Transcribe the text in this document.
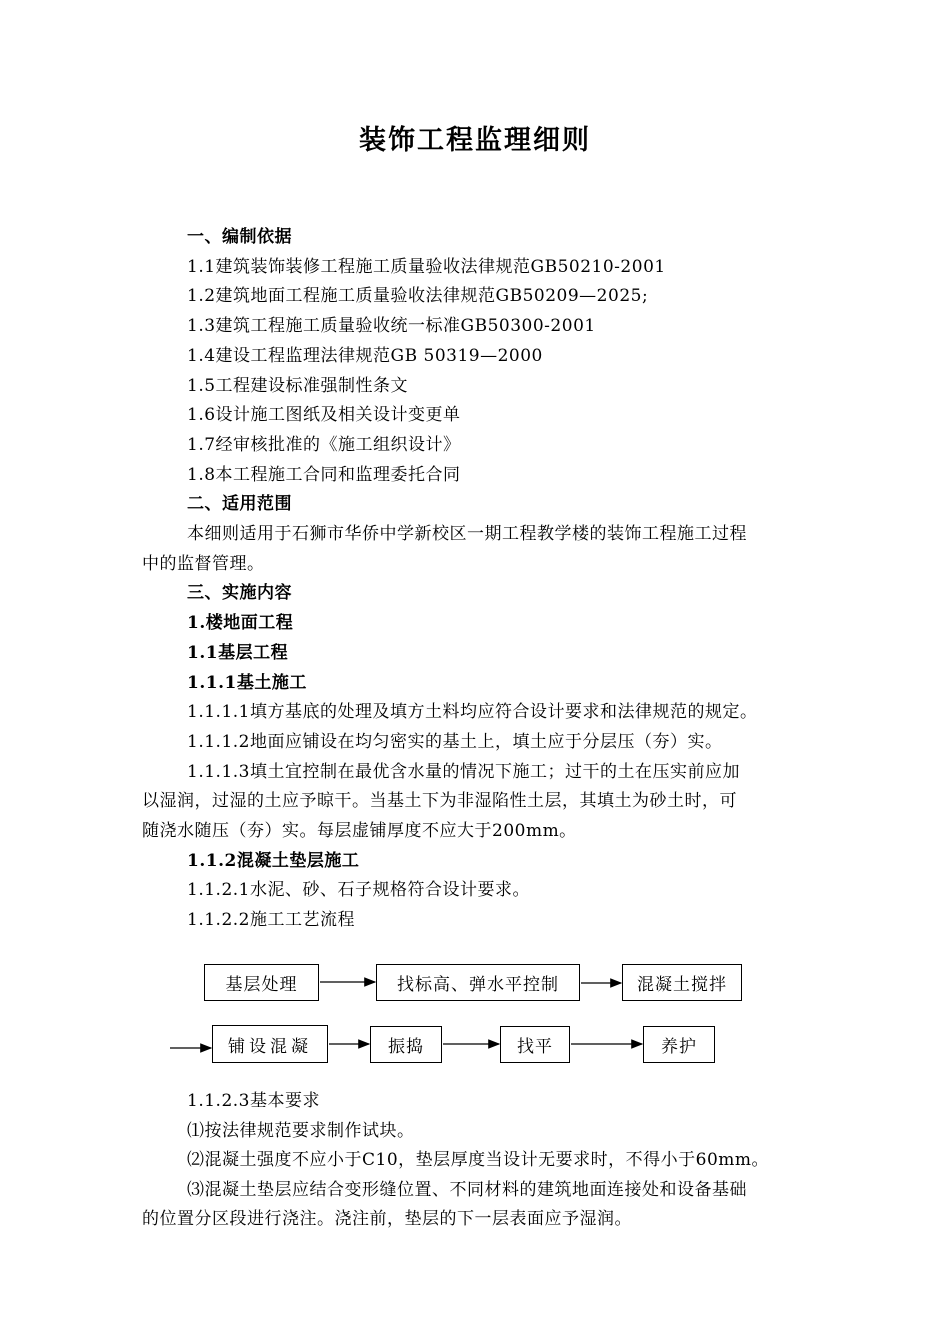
装饰工程监理细则
一、编制依据
1.1建筑装饰装修工程施工质量验收法律规范GB50210-2001
1.2建筑地面工程施工质量验收法律规范GB50209—2025;
1.3建筑工程施工质量验收统一标准GB50300-2001
1.4建设工程监理法律规范GB 50319—2000
1.5工程建设标准强制性条文
1.6设计施工图纸及相关设计变更单
1.7经审核批准的《施工组织设计》
1.8本工程施工合同和监理委托合同
二、适用范围
本细则适用于石狮市华侨中学新校区一期工程教学楼的装饰工程施工过程
中的监督管理。
三、实施内容
1.楼地面工程
1.1基层工程
1.1.1基土施工
1.1.1.1填方基底的处理及填方土料均应符合设计要求和法律规范的规定。
1.1.1.2地面应铺设在均匀密实的基土上，填土应于分层压（夯）实。
1.1.1.3填土宜控制在最优含水量的情况下施工；过干的土在压实前应加
以湿润，过湿的土应予晾干。当基土下为非湿陷性土层，其填土为砂土时，可
随浇水随压（夯）实。每层虚铺厚度不应大于200mm。
1.1.2混凝土垫层施工
1.1.2.1水泥、砂、石子规格符合设计要求。
1.1.2.2施工工艺流程
基层处理	找标高、弹水平控制	混凝土搅拌
铺设混凝	振捣	找平	养护
1.1.2.3基本要求
⑴按法律规范要求制作试块。
⑵混凝土强度不应小于C10，垫层厚度当设计无要求时，不得小于60mm。
⑶混凝土垫层应结合变形缝位置、不同材料的建筑地面连接处和设备基础
的位置分区段进行浇注。浇注前，垫层的下一层表面应予湿润。
